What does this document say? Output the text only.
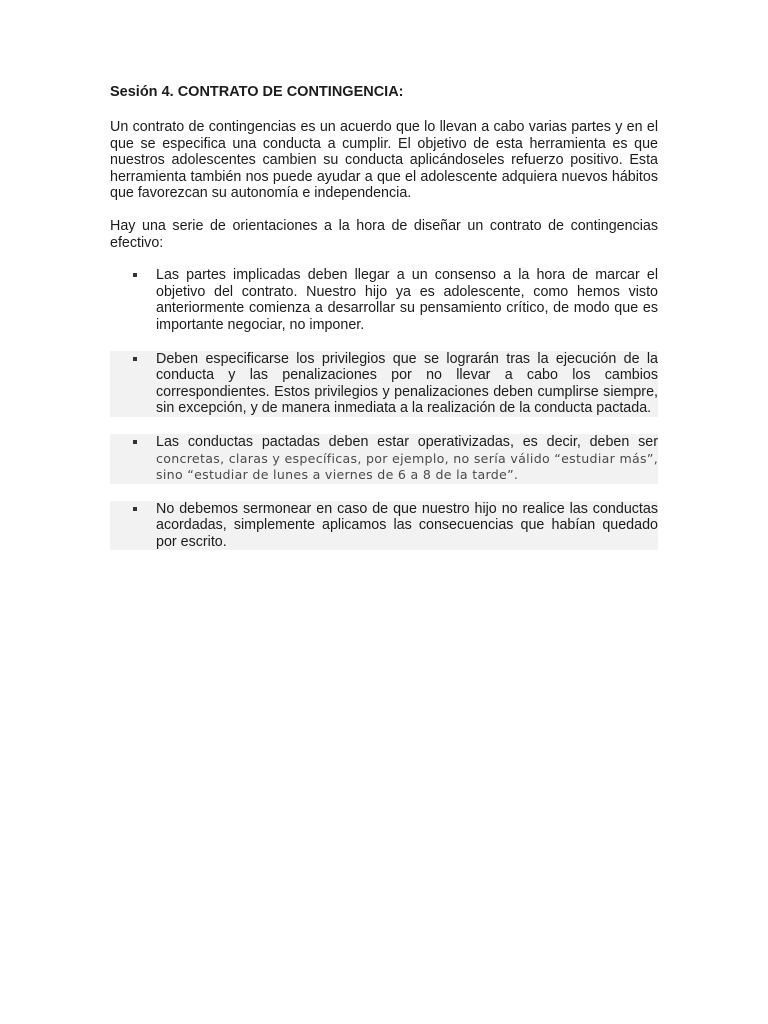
Sesión 4. CONTRATO DE CONTINGENCIA:

Un contrato de contingencias es un acuerdo que lo llevan a cabo varias partes y en el que se especifica una conducta a cumplir. El objetivo de esta herramienta es que nuestros adolescentes cambien su conducta aplicándoseles refuerzo positivo. Esta herramienta también nos puede ayudar a que el adolescente adquiera nuevos hábitos que favorezcan su autonomía e independencia.

Hay una serie de orientaciones a la hora de diseñar un contrato de contingencias efectivo:

Las partes implicadas deben llegar a un consenso a la hora de marcar el objetivo del contrato. Nuestro hijo ya es adolescente, como hemos visto anteriormente comienza a desarrollar su pensamiento crítico, de modo que es importante negociar, no imponer.
Deben especificarse los privilegios que se lograrán tras la ejecución de la conducta y las penalizaciones por no llevar a cabo los cambios correspondientes. Estos privilegios y penalizaciones deben cumplirse siempre, sin excepción, y de manera inmediata a la realización de la conducta pactada.
Las conductas pactadas deben estar operativizadas, es decir, deben ser concretas, claras y específicas, por ejemplo, no sería válido “estudiar más”, sino “estudiar de lunes a viernes de 6 a 8 de la tarde”.
No debemos sermonear en caso de que nuestro hijo no realice las conductas acordadas, simplemente aplicamos las consecuencias que habían quedado por escrito.
